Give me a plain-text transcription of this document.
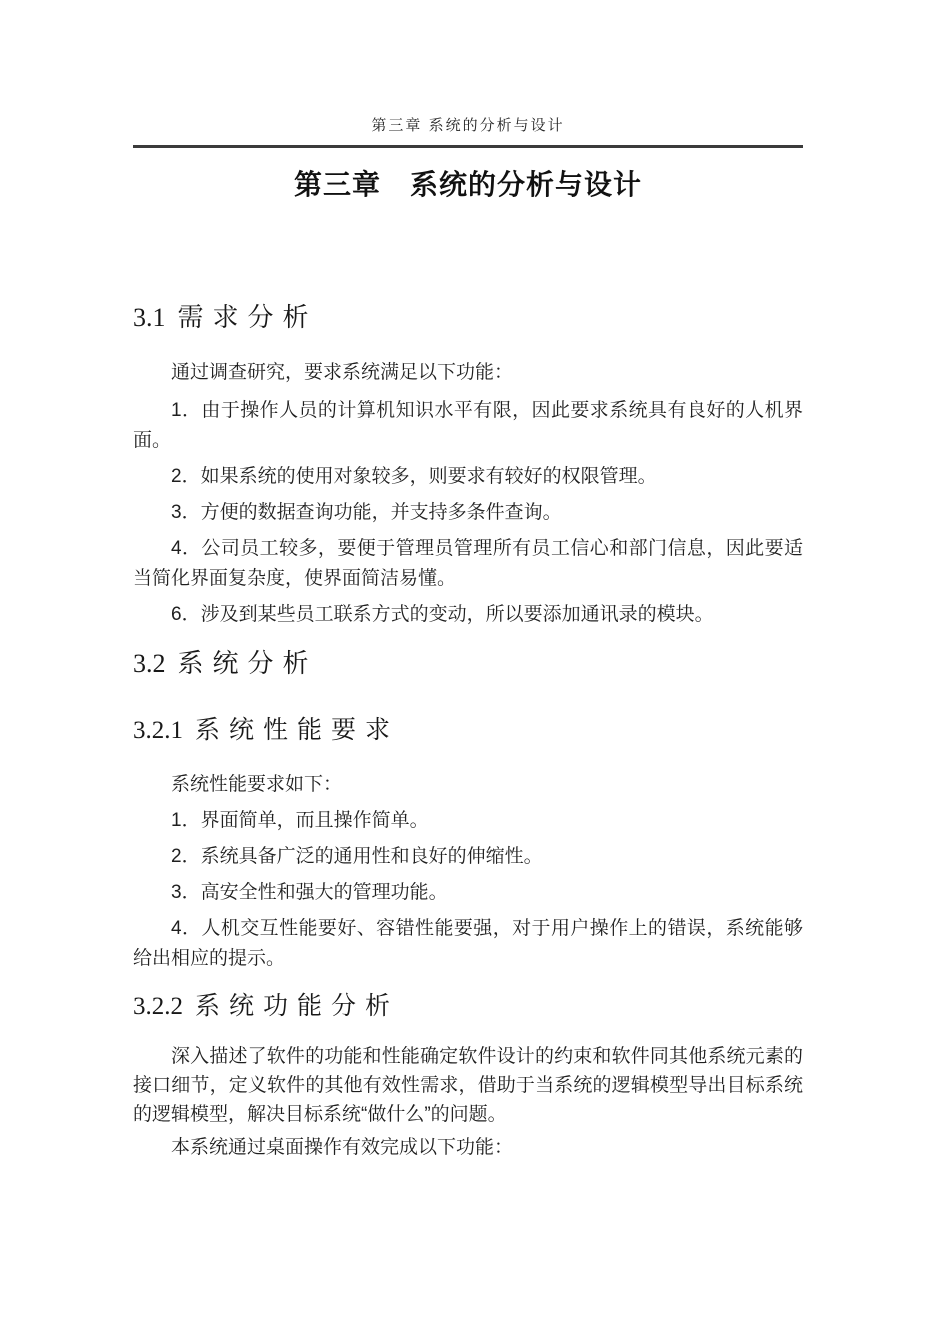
第三章 系统的分析与设计
第三章　系统的分析与设计
3.1 需求分析

通过调查研究，要求系统满足以下功能：

1．由于操作人员的计算机知识水平有限，因此要求系统具有良好的人机界面。

2．如果系统的使用对象较多，则要求有较好的权限管理。

3．方便的数据查询功能，并支持多条件查询。

4．公司员工较多，要便于管理员管理所有员工信心和部门信息，因此要适当简化界面复杂度，使界面简洁易懂。

6．涉及到某些员工联系方式的变动，所以要添加通讯录的模块。

3.2 系统分析
3.2.1 系统性能要求

系统性能要求如下：

1．界面简单，而且操作简单。

2．系统具备广泛的通用性和良好的伸缩性。

3．高安全性和强大的管理功能。

4．人机交互性能要好、容错性能要强，对于用户操作上的错误，系统能够给出相应的提示。

3.2.2 系统功能分析

深入描述了软件的功能和性能确定软件设计的约束和软件同其他系统元素的接口细节，定义软件的其他有效性需求，借助于当系统的逻辑模型导出目标系统的逻辑模型，解决目标系统“做什么”的问题。

本系统通过桌面操作有效完成以下功能：
